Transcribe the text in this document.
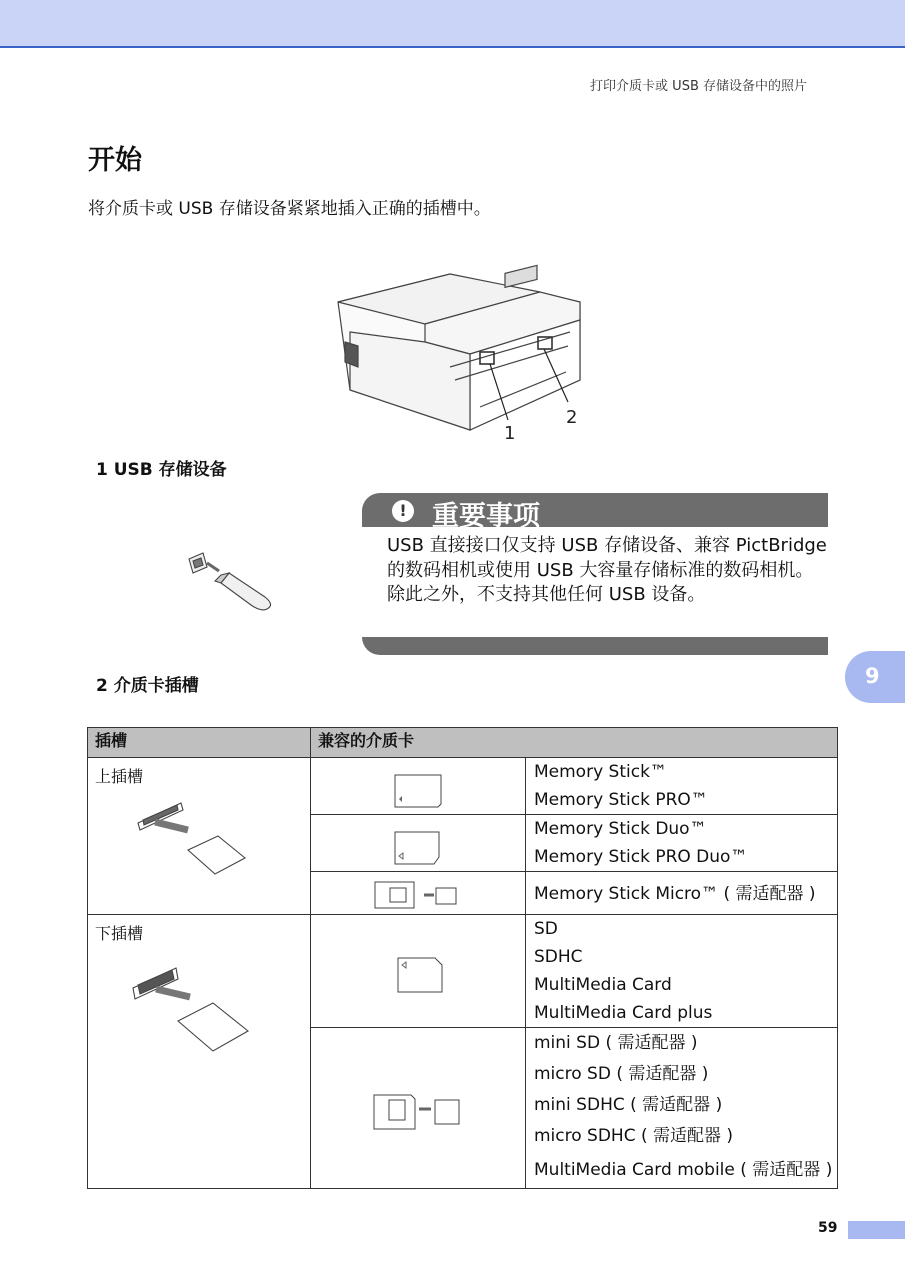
打印介质卡或 USB 存储设备中的照片
开始
将介质卡或 USB 存储设备紧紧地插入正确的插槽中。
1
2
1 USB 存储设备
! 重要事项
USB 直接接口仅支持 USB 存储设备、兼容 PictBridge 的数码相机或使用 USB 大容量存储标准的数码相机。除此之外，不支持其他任何 USB 设备。
9
2 介质卡插槽
插槽	兼容的介质卡	

上插槽		Memory Stick™
Memory Stick PRO™

Memory Stick Duo™
Memory Stick PRO Duo™

Memory Stick Micro™ ( 需适配器 )

下插槽		SD
SDHC
MultiMedia Card
MultiMedia Card plus

mini SD ( 需适配器 )
micro SD ( 需适配器 )
mini SDHC ( 需适配器 )
micro SDHC ( 需适配器 )
MultiMedia Card mobile ( 需适配器 )
59
